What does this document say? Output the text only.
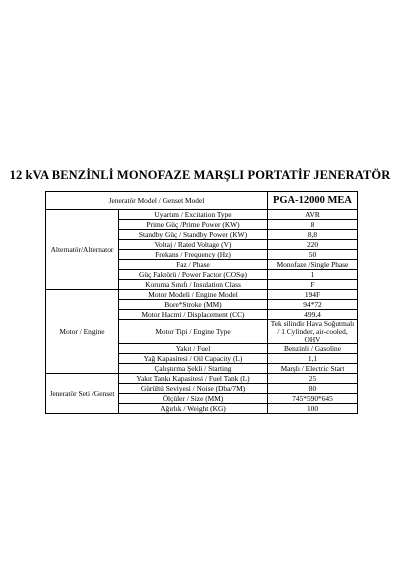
12 kVA BENZİNLİ MONOFAZE MARŞLI PORTATİF JENERATÖR
Jeneratör Model / Genset Model		PGA-12000 MEA
Alternatör/Alternator	Uyartım / Excitation Type	AVR
	Prime Güç /Prime Power (KW)	8
	Standby Güç / Standby Power (KW)	8,8
	Voltaj / Rated Voltage (V)	220
	Frekans / Frequency (Hz)	50
	Faz / Phase	Monofaze /Single Phase
	Güç Faktörü / Power Factor (COSφ)	1
	Koruma Sınıfı / Insulation Class	F
Motor / Engine	Motor Modeli / Engine Model	194F
	Bore*Stroke (MM)	94*72
	Motor Hacmi / Displacement (CC)	499,4
	Motor Tipi / Engine Type	Tek silindir Hava Soğutmalı / 1 Cylinder, air-cooled, OHV
	Yakıt / Fuel	Benzinli / Gasoline
	Yağ Kapasitesi / Oil Capacity (L)	1,1
	Çalıştırma Şekli / Starting	Marşlı / Electric Start
Jeneratör Seti /Genset	Yakıt Tankı Kapasitesi / Fuel Tank (L)	25
	Gürültü Seviyesi / Noise (Dba/7M)	80
	Ölçüler / Size (MM)	745*590*645
	Ağırlık / Weight (KG)	100
